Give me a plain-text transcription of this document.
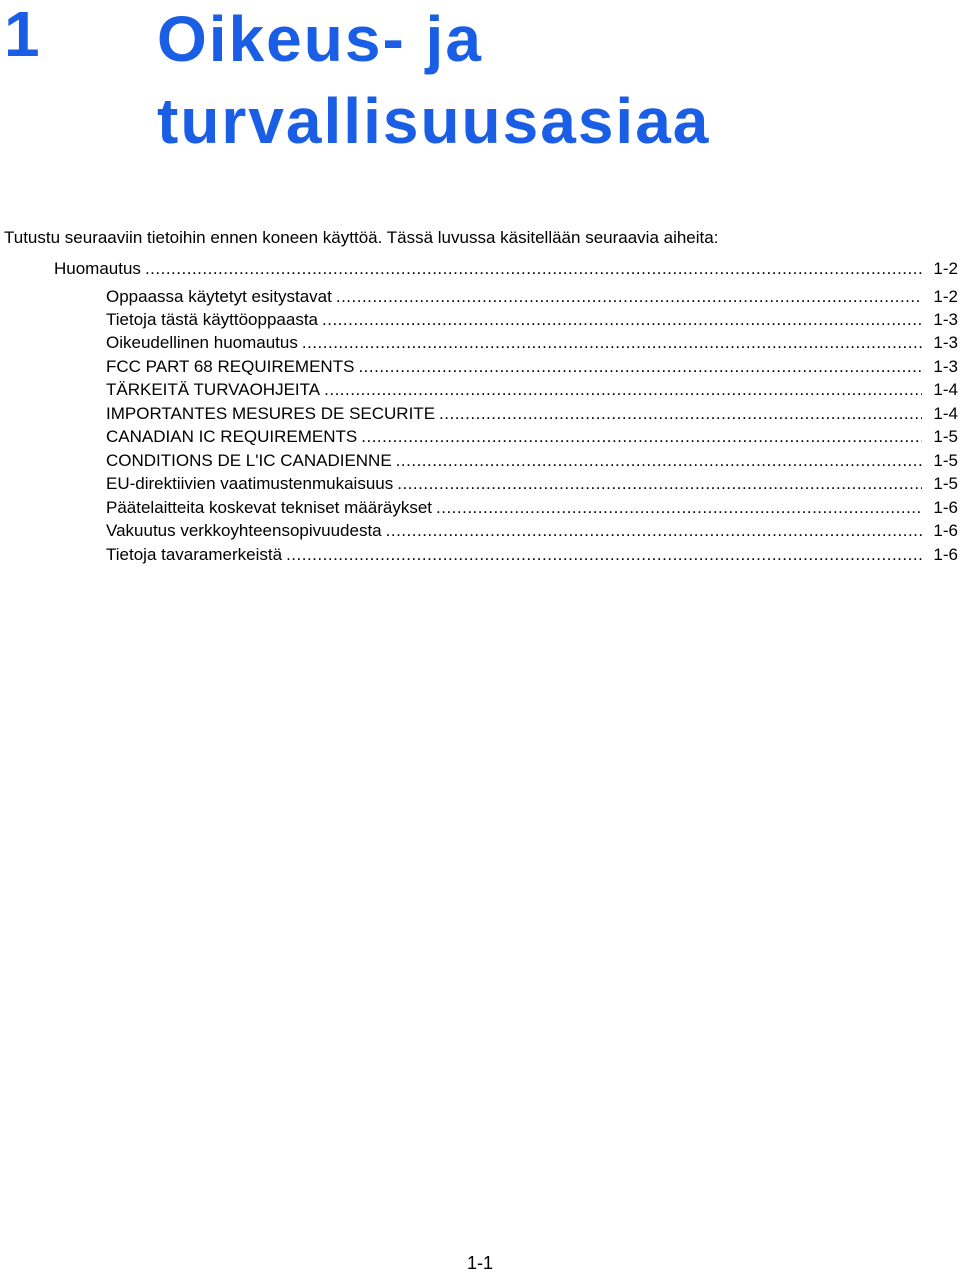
1 Oikeus- ja turvallisuusasiaa
Tutustu seuraaviin tietoihin ennen koneen käyttöä. Tässä luvussa käsitellään seuraavia aiheita:
Huomautus .....	1-2
Oppaassa käytetyt esitystavat .....	1-2
Tietoja tästä käyttöoppaasta .....	1-3
Oikeudellinen huomautus .....	1-3
FCC PART 68 REQUIREMENTS .....	1-3
TÄRKEITÄ TURVAOHJEITA .....	1-4
IMPORTANTES MESURES DE SECURITE .....	1-4
CANADIAN IC REQUIREMENTS .....	1-5
CONDITIONS DE L'IC CANADIENNE .....	1-5
EU-direktiivien vaatimustenmukaisuus .....	1-5
Päätelaitteita koskevat tekniset määräykset .....	1-6
Vakuutus verkkoyhteensopivuudesta .....	1-6
Tietoja tavaramerkeistä .....	1-6
1-1
